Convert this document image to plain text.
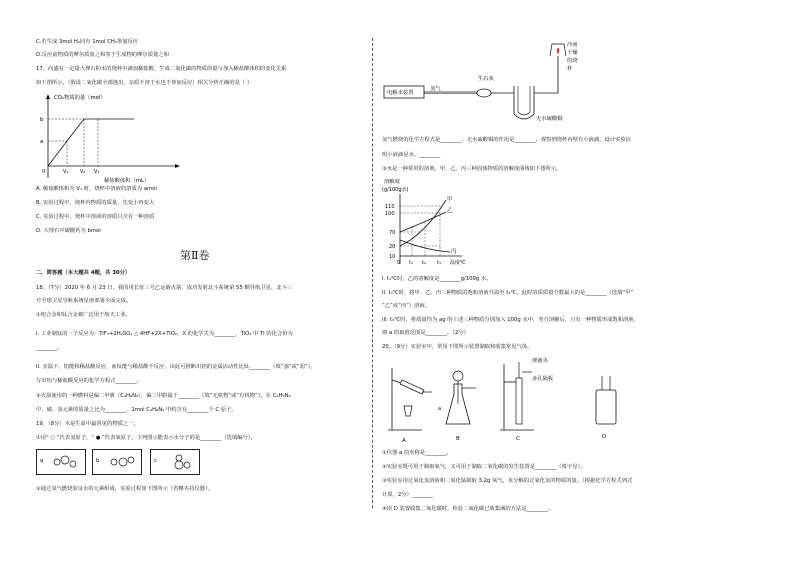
C.若生成 3mol H₂同有 1mol CH₄参加反应
D.反应前物质的摩尔质量之和等于生成物的摩尔质量之和
17、向盛有一定量大理石粉末的烧杯中滴加稀盐酸，生成二氧化碳的物质的量与加入稀盐酸体积的变化关系
如下图所示。（假设二氧化碳全部逸出，杂质不溶于水也不参加反应）相关分析正确的是（ ）
CO₂物质的量（mol）
b
a
0	V₁ V₂ V₃
稀盐酸体积（mL）
A. 稀盐酸体积为 V₁ 时，烧杯中溶液的溶质为 amol
B. 实验过程中，烧杯内物质的质量，先变小再变大
C. 实验过程中，烧杯中溶液的溶质只含有一种溶质
D. 大理石中碳酸钙为 bmol
第Ⅱ卷
二、简答题（本大题共 4题，共 30分）
18、（7分）2020 年 6 月 23 日，我国用长征三号乙运载火箭，成功发射北斗系统第 55 颗导航卫星，北斗三
号全球卫星导航系统星座部署全面完成。
①铝合金和钛合金被广泛用于航天工业。
I. 工业制钛的一个反应为：TiF₄+2H₂SO₄ △ 4HF+2X+TiO₂，X 的化学式为________，TiO₂ 中 Ti 的化合价为
________。
II. 室温下，铝能和稀盐酸反应，而钛能与稀盐酸不反应，由此可推断出铝的金属活动性比钛________（填“强”或“弱”），
写出铝与稀盐酸反应的化学方程式________。
②火箭使用的一种燃料是偏二甲肼（C₂H₈N₂），偏二甲肼属于________（填“无机物”或“有机物”）。在 C₂H₈N₂
中，碳、氢元素的质量之比为________，1mol C₂H₈N₂ 中约含有________个 C 原子。
19、（8分）水是生命中最常见的物质之一。
①用“ ○ ”代表氢原子，“ ● ”代表氧原子，下列图示能表示水分子的是________（选填编号）。
a	b	c
②通过氢气燃烧验证水的元素组成，实验过程如下图所示（省略夹持仪器）。
电解水装置
氢气
生石灰
无水硫酸铜
冷而
干燥
的烧
杯
氢气燃烧的化学方程式是________，无水硫酸铜的作用是________。观察到烧杯内壁有小液滴，设计实验证
明小液滴是水。________
③水是一种常用的溶剂。甲、乙、丙三种固体物质的溶解度曲线如下图所示。
溶解度
(g/100g水)
甲
乙
丙
110
100
70
20
10
0 t₁ t₂ t₃ 温度℃
I. t₁℃时，乙的溶解度是________g/100g 水。
II. t₃℃时，将甲、乙、丙三种物质的饱和溶液升温至 t₃℃，此时溶质质量分数最大的是________（选填“甲”
“乙”或“丙”）溶液。
III. t₃℃时，将质量均为 ag 的上述三种物质分别加入 100g 水中，充分溶解后，只有一种物质形成饱和溶液，
则 a 的取值范围是________。（2分）
20、（9分）实验室中，常用下图所示装置制取和收集常见气体。
A
a
B
弹簧夹
多孔隔板
C	D
①仪器 a 的名称是________。
②实验室既可用于制取氧气，又可用于制取二氧化碳的发生装置是________（填字母）。
③实验室用过氧化氢溶液和二氧化锰制取 3.2g 氧气，求分解的过氧化氢的物质的量。（根据化学方程式列式
计算，2分）________
④用 D 装置收集二氧化碳时，检验二氧化碳已收集满的方法是________。
